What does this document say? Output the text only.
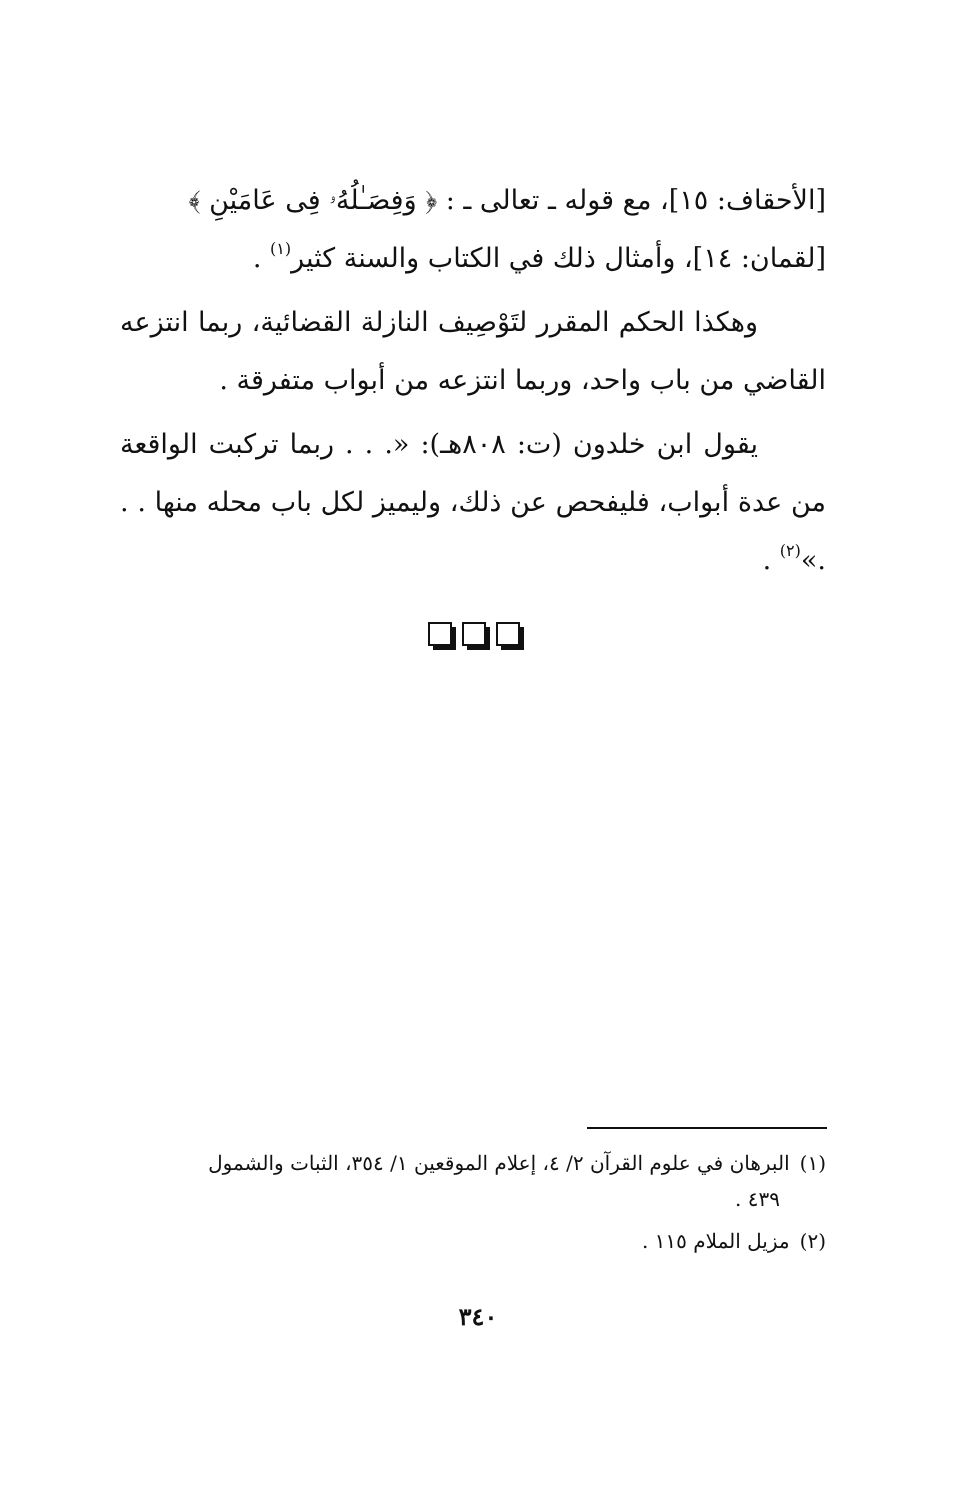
[الأحقاف: ١٥]، مع قوله ـ تعالى ـ : ﴿ وَفِصَـٰلُهُۥ فِى عَامَيْنِ ﴾
[لقمان: ١٤]، وأمثال ذلك في الكتاب والسنة كثير$^{(١)}$ .

وهكذا الحكم المقرر لتَوْصِيف النازلة القضائية، ربما انتزعه القاضي من باب واحد، وربما انتزعه من أبواب متفرقة .

يقول ابن خلدون (ت: ٨٠٨هـ): «. . . ربما تركبت الواقعة من عدة أبواب، فليفحص عن ذلك، وليميز لكل باب محله منها . . .»$^{(٢)}$ .

(١)البرهان في علوم القرآن ٢/ ٤، إعلام الموقعين ١/ ٣٥٤، الثبات والشمول
٤٣٩ .
(٢)مزيل الملام ١١٥ .
٣٤٠
